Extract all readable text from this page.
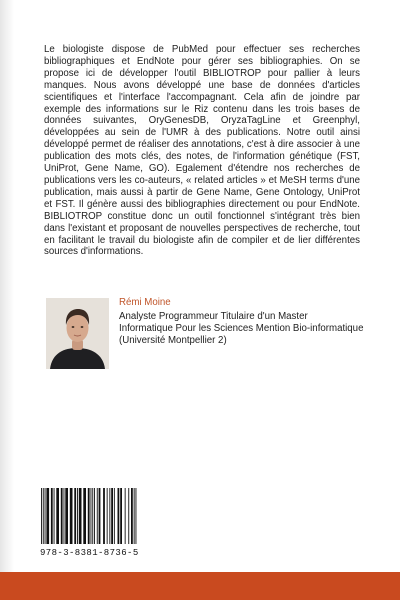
Le biologiste dispose de PubMed pour effectuer ses recherches bibliographiques et EndNote pour gérer ses bibliographies. On se propose ici de développer l'outil BIBLIOTROP pour pallier à leurs manques. Nous avons développé une base de données d'articles scientifiques et l'interface l'accompagnant. Cela afin de joindre par exemple des informations sur le Riz contenu dans les trois bases de données suivantes, OryGenesDB, OryzaTagLine et Greenphyl, développées au sein de l'UMR à des publications. Notre outil ainsi développé permet de réaliser des annotations, c'est à dire associer à une publication des mots clés, des notes, de l'information génétique (FST, UniProt, Gene Name, GO). Egalement d'étendre nos recherches de publications vers les co-auteurs, « related articles » et MeSH terms d'une publication, mais aussi à partir de Gene Name, Gene Ontology, UniProt et FST. Il génère aussi des bibliographies directement ou pour EndNote. BIBLIOTROP constitue donc un outil fonctionnel s'intégrant très bien dans l'existant et proposant de nouvelles perspectives de recherche, tout en facilitant le travail du biologiste afin de compiler et de lier différentes sources d'informations.

Rémi Moine

Analyste Programmeur Titulaire d'un Master Informatique Pour les Sciences Mention Bio-informatique (Université Montpellier 2)

978-3-8381-8736-5
